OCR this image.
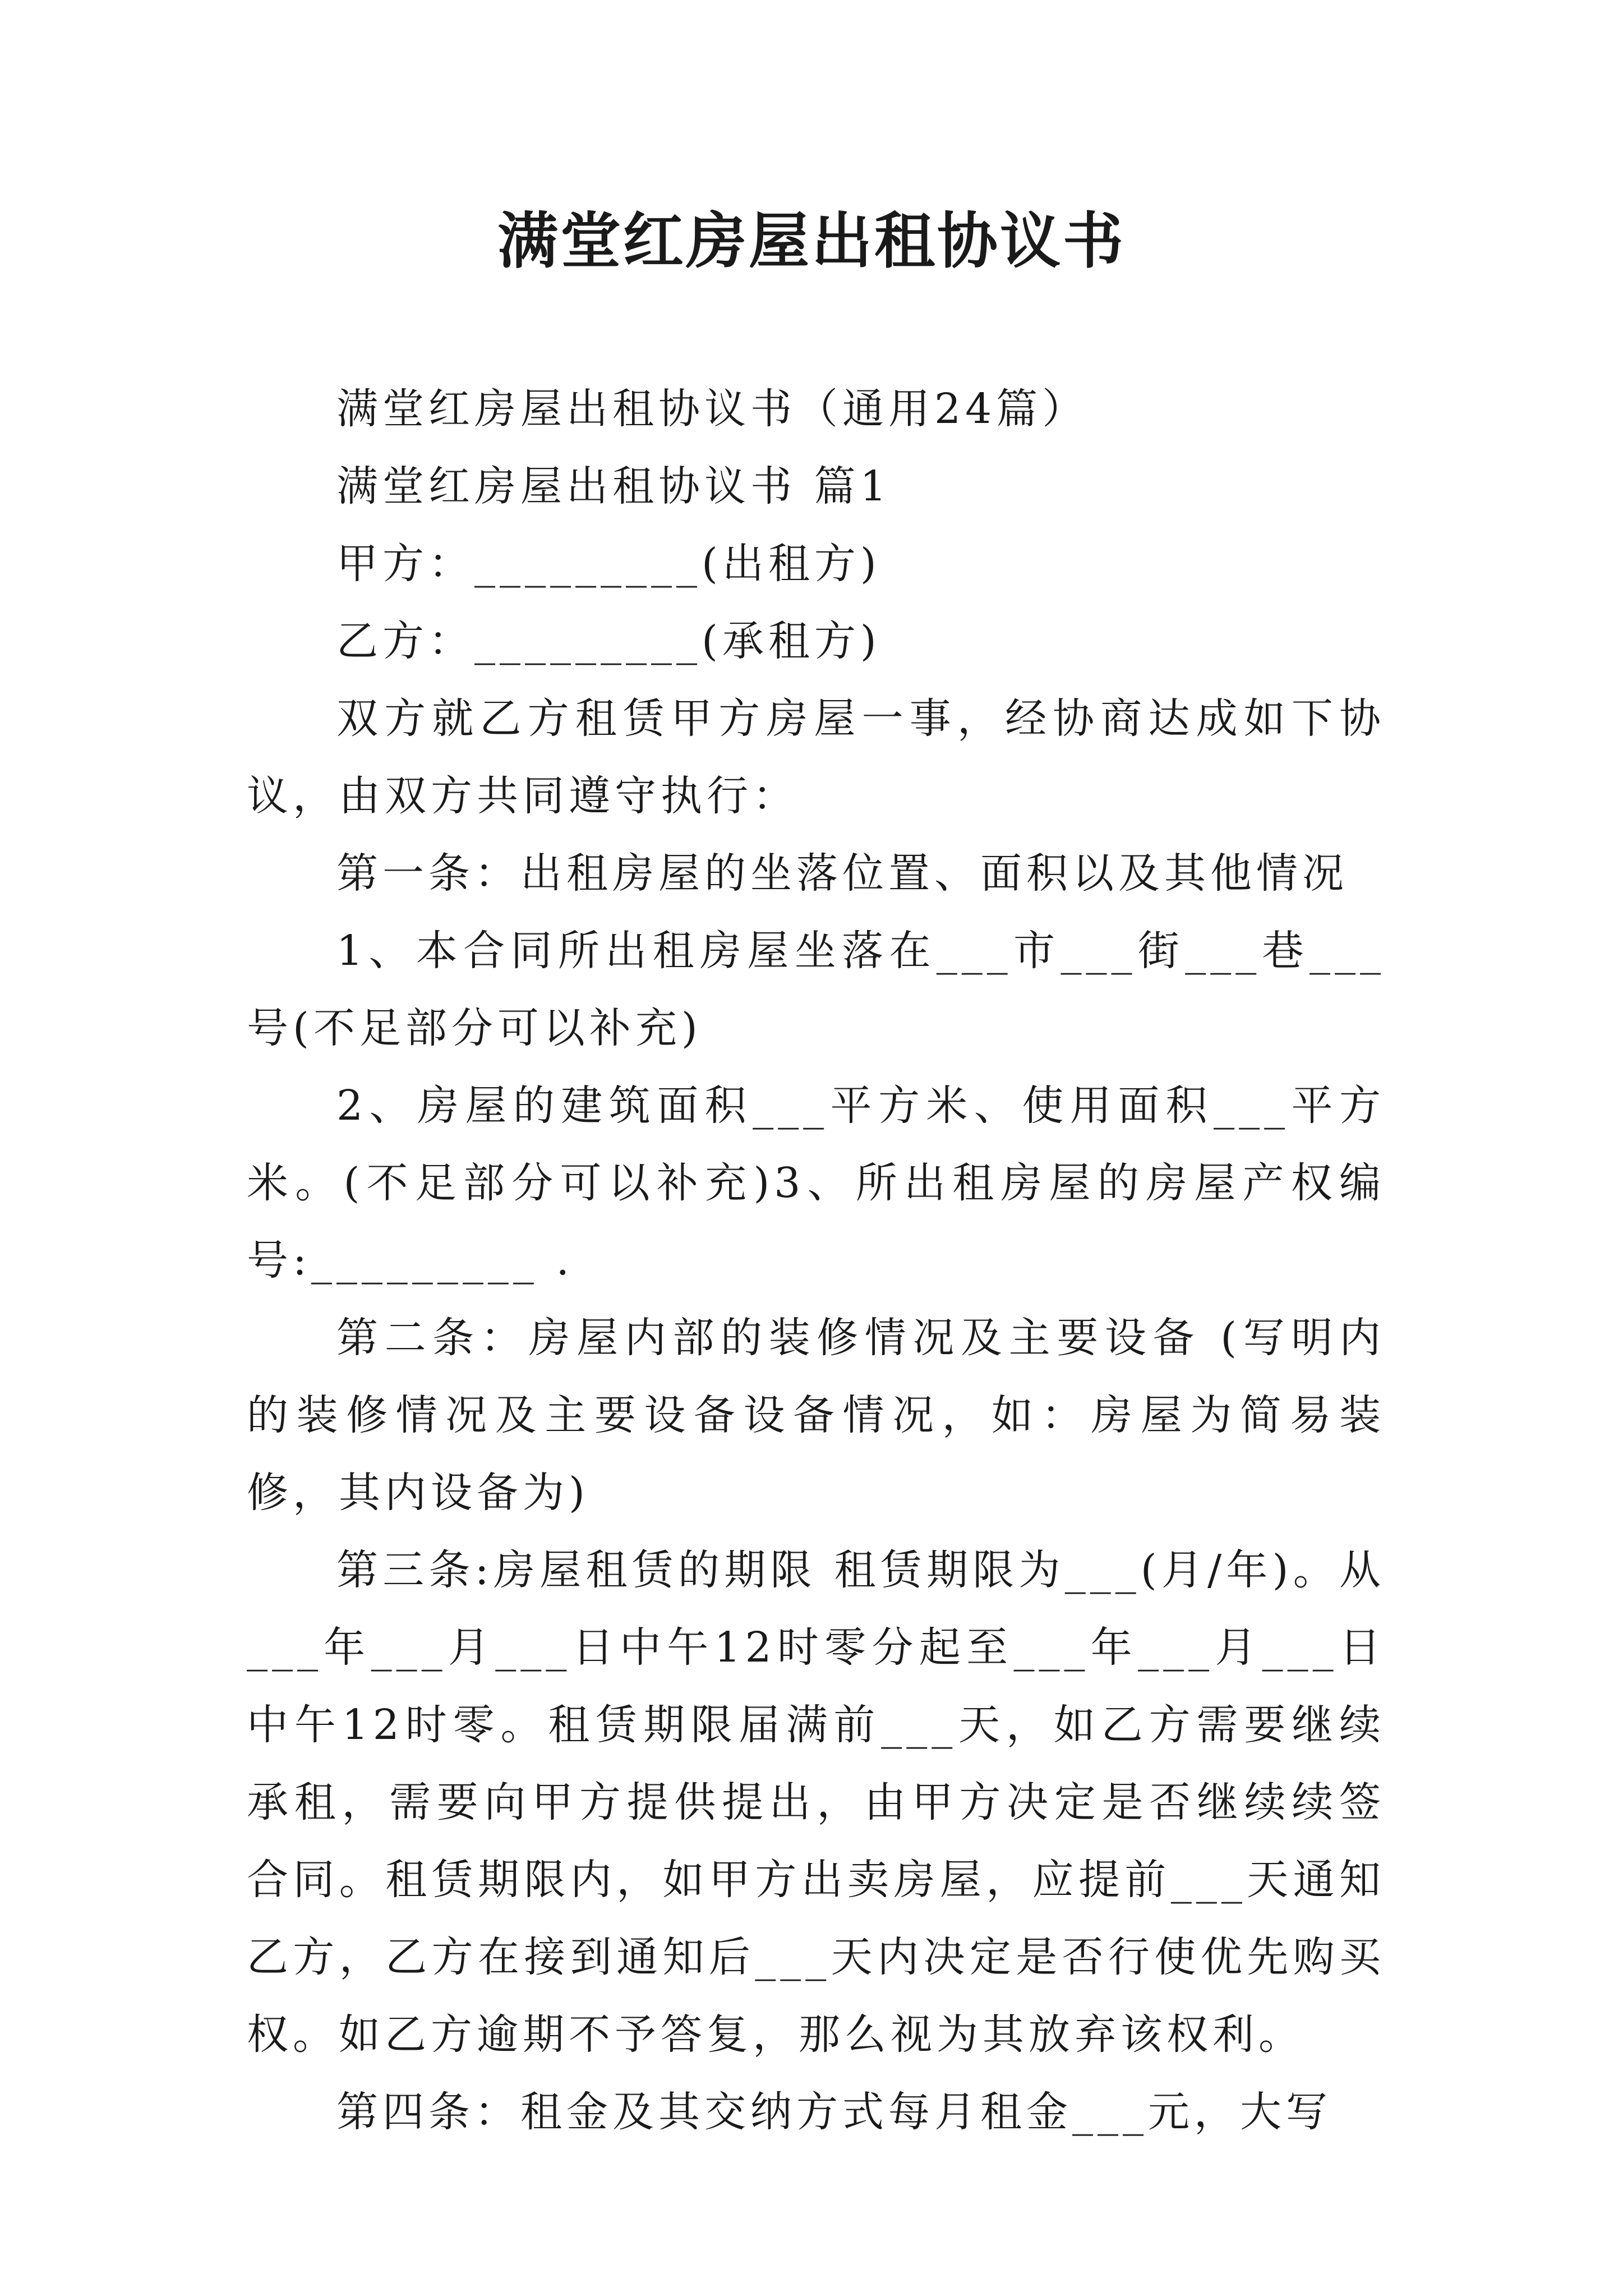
满堂红房屋出租协议书

满堂红房屋出租协议书（通用24篇）

满堂红房屋出租协议书 篇1

甲方：_________(出租方)

乙方：_________(承租方)

双方就乙方租赁甲方房屋一事，经协商达成如下协议，由双方共同遵守执行：

第一条：出租房屋的坐落位置、面积以及其他情况

1、本合同所出租房屋坐落在___市___街___巷___号(不足部分可以补充)

2、房屋的建筑面积___平方米、使用面积___平方米。(不足部分可以补充)3、所出租房屋的房屋产权编号:_________ .

第二条：房屋内部的装修情况及主要设备 (写明内的装修情况及主要设备设备情况，如：房屋为简易装修，其内设备为)

第三条:房屋租赁的期限 租赁期限为___(月/年)。从___年___月___日中午12时零分起至___年___月___日中午12时零。租赁期限届满前___天，如乙方需要继续承租，需要向甲方提供提出，由甲方决定是否继续续签合同。租赁期限内，如甲方出卖房屋，应提前___天通知乙方，乙方在接到通知后___天内决定是否行使优先购买权。如乙方逾期不予答复，那么视为其放弃该权利。

第四条：租金及其交纳方式每月租金___元，大写
